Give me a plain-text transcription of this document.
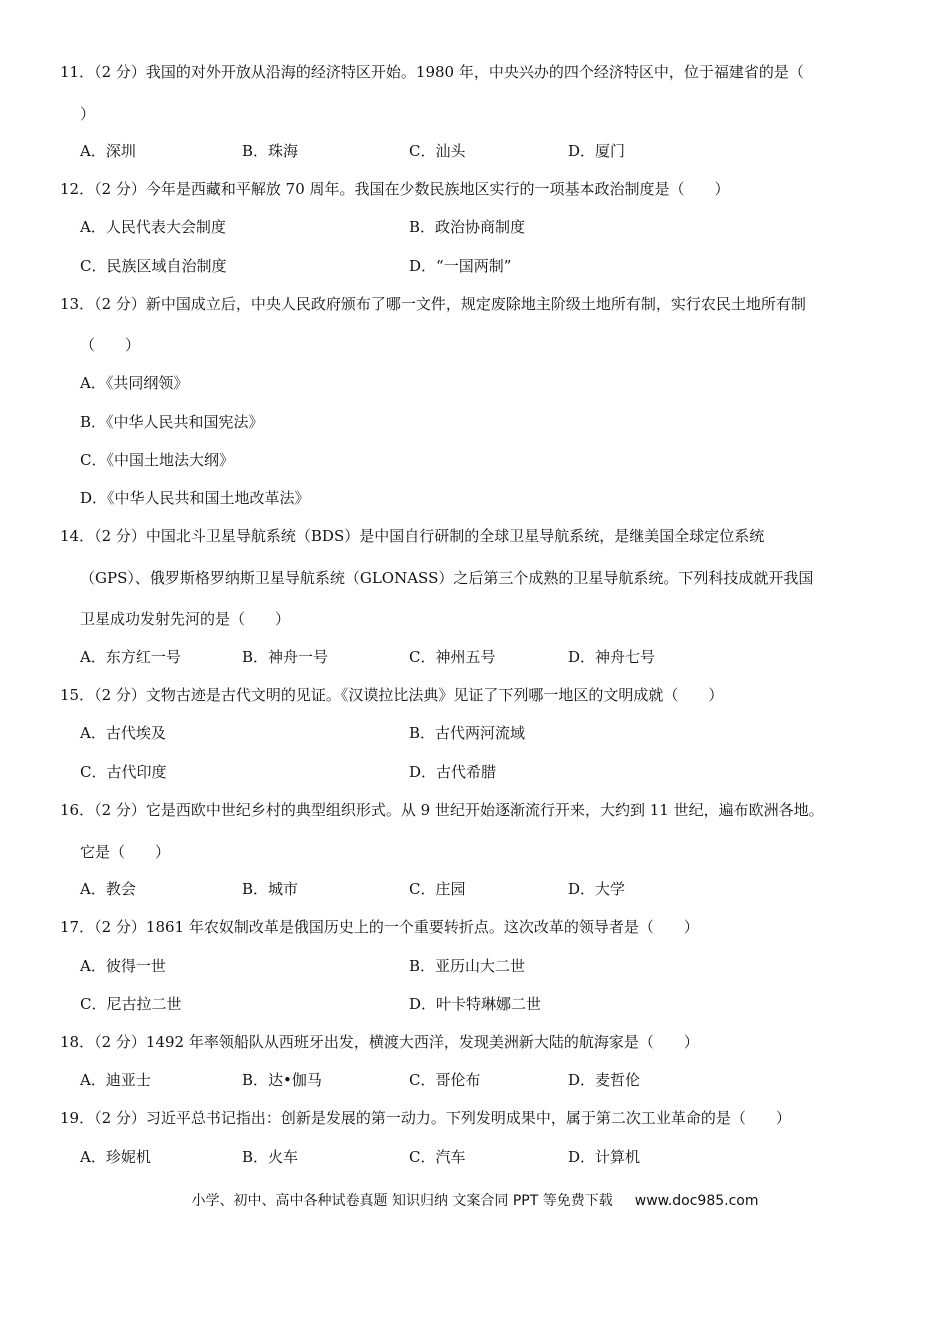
11．（2 分）我国的对外开放从沿海的经济特区开始。1980 年，中央兴办的四个经济特区中，位于福建省的是（
）
A．深圳	B．珠海	C．汕头	D．厦门
12．（2 分）今年是西藏和平解放 70 周年。我国在少数民族地区实行的一项基本政治制度是（　　）
A．人民代表大会制度	B．政治协商制度
C．民族区域自治制度	D．“一国两制”
13．（2 分）新中国成立后，中央人民政府颁布了哪一文件，规定废除地主阶级土地所有制，实行农民土地所有制
（　　）
A．《共同纲领》
B．《中华人民共和国宪法》
C．《中国土地法大纲》
D．《中华人民共和国土地改革法》
14．（2 分）中国北斗卫星导航系统（BDS）是中国自行研制的全球卫星导航系统，是继美国全球定位系统
（GPS）、俄罗斯格罗纳斯卫星导航系统（GLONASS）之后第三个成熟的卫星导航系统。下列科技成就开我国
卫星成功发射先河的是（　　）
A．东方红一号	B．神舟一号	C．神州五号	D．神舟七号
15．（2 分）文物古迹是古代文明的见证。《汉谟拉比法典》见证了下列哪一地区的文明成就（　　）
A．古代埃及	B．古代两河流域
C．古代印度	D．古代希腊
16．（2 分）它是西欧中世纪乡村的典型组织形式。从 9 世纪开始逐渐流行开来，大约到 11 世纪，遍布欧洲各地。
它是（　　）
A．教会	B．城市	C．庄园	D．大学
17．（2 分）1861 年农奴制改革是俄国历史上的一个重要转折点。这次改革的领导者是（　　）
A．彼得一世	B．亚历山大二世
C．尼古拉二世	D．叶卡特琳娜二世
18．（2 分）1492 年率领船队从西班牙出发，横渡大西洋，发现美洲新大陆的航海家是（　　）
A．迪亚士	B．达•伽马	C．哥伦布	D．麦哲伦
19．（2 分）习近平总书记指出：创新是发展的第一动力。下列发明成果中，属于第二次工业革命的是（　　）
A．珍妮机	B．火车	C．汽车	D．计算机
小学、初中、高中各种试卷真题 知识归纳 文案合同 PPT 等免费下载 www.doc985.com
